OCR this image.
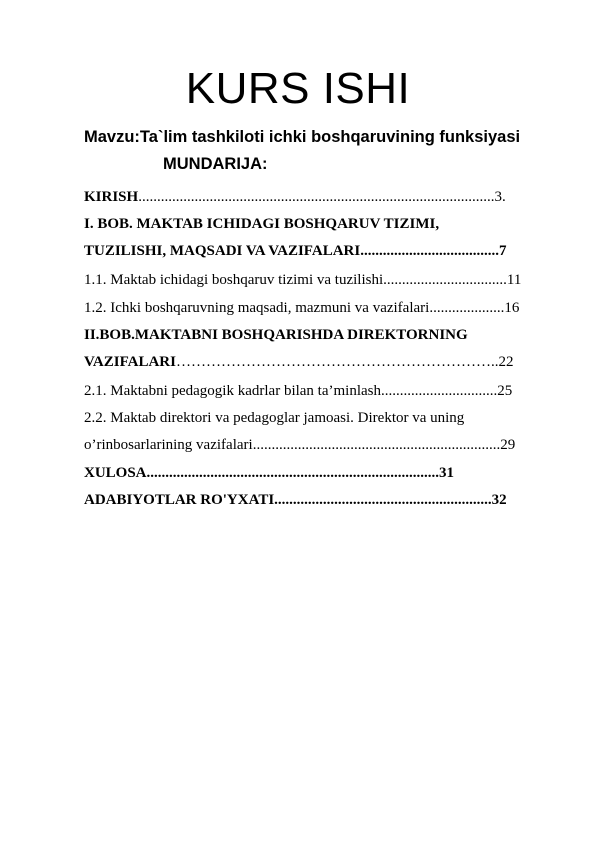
KURS ISHI
Mavzu:Ta`lim tashkiloti ichki boshqaruvining funksiyasi
MUNDARIJA:
KIRISH...............................................................................................3.
I. BOB. MAKTAB ICHIDAGI BOSHQARUV TIZIMI,
TUZILISHI, MAQSADI VA VAZIFALARI.....................................7
1.1. Maktab ichidagi boshqaruv tizimi va tuzilishi.................................11
1.2. Ichki boshqaruvning maqsadi, mazmuni va vazifalari....................16
II.BOB.MAKTABNI BOSHQARISHDA DIREKTORNING
VAZIFALARI………………………………………………………..22
2.1. Maktabni pedagogik kadrlar bilan ta’minlash...............................25
2.2. Maktab direktori va pedagoglar jamoasi. Direktor va uning
o’rinbosarlarining vazifalari..................................................................29
XULOSA..............................................................................31
ADABIYOTLAR RO'YXATI..........................................................32
